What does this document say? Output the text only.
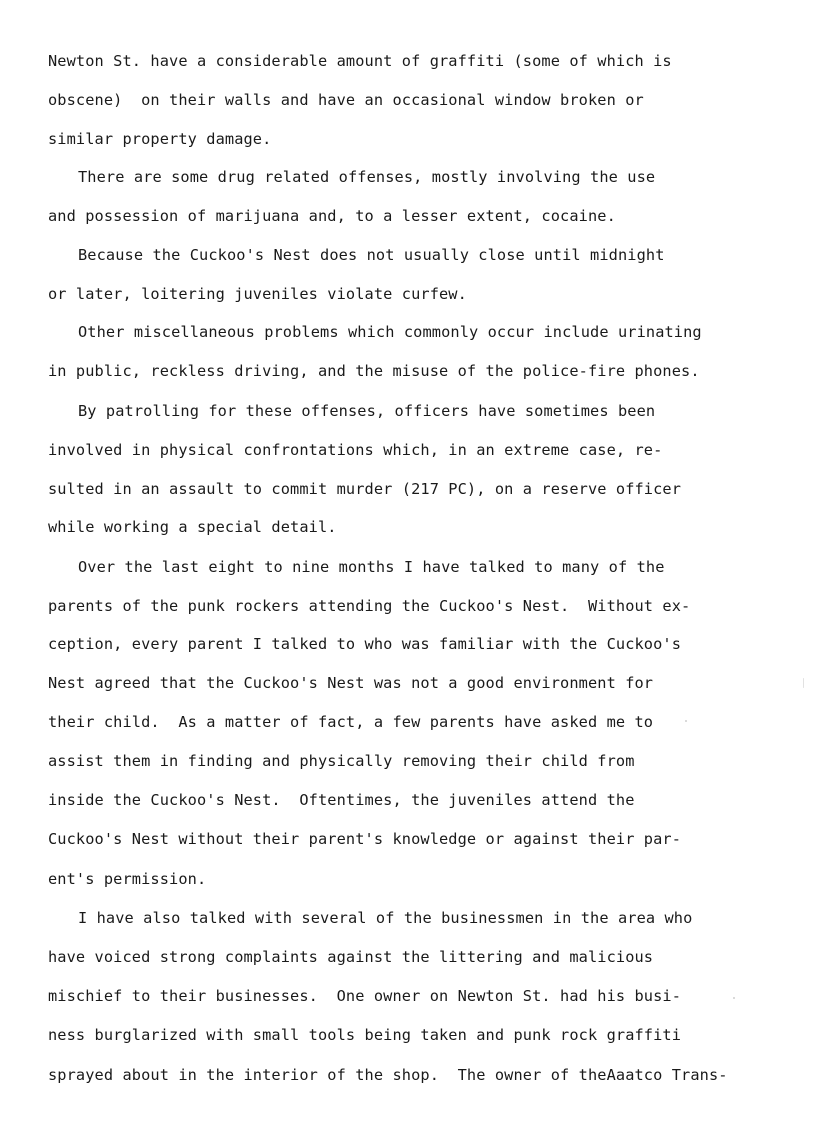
Newton St. have a considerable amount of graffiti (some of which is
obscene)  on their walls and have an occasional window broken or
similar property damage.
There are some drug related offenses, mostly involving the use
and possession of marijuana and, to a lesser extent, cocaine.
Because the Cuckoo's Nest does not usually close until midnight
or later, loitering juveniles violate curfew.
Other miscellaneous problems which commonly occur include urinating
in public, reckless driving, and the misuse of the police-fire phones.
By patrolling for these offenses, officers have sometimes been
involved in physical confrontations which, in an extreme case, re-
sulted in an assault to commit murder (217 PC), on a reserve officer
while working a special detail.
Over the last eight to nine months I have talked to many of the
parents of the punk rockers attending the Cuckoo's Nest.  Without ex-
ception, every parent I talked to who was familiar with the Cuckoo's
Nest agreed that the Cuckoo's Nest was not a good environment for
their child.  As a matter of fact, a few parents have asked me to
assist them in finding and physically removing their child from
inside the Cuckoo's Nest.  Oftentimes, the juveniles attend the
Cuckoo's Nest without their parent's knowledge or against their par-
ent's permission.
I have also talked with several of the businessmen in the area who
have voiced strong complaints against the littering and malicious
mischief to their businesses.  One owner on Newton St. had his busi-
ness burglarized with small tools being taken and punk rock graffiti
sprayed about in the interior of the shop.  The owner of theAaatco Trans-
